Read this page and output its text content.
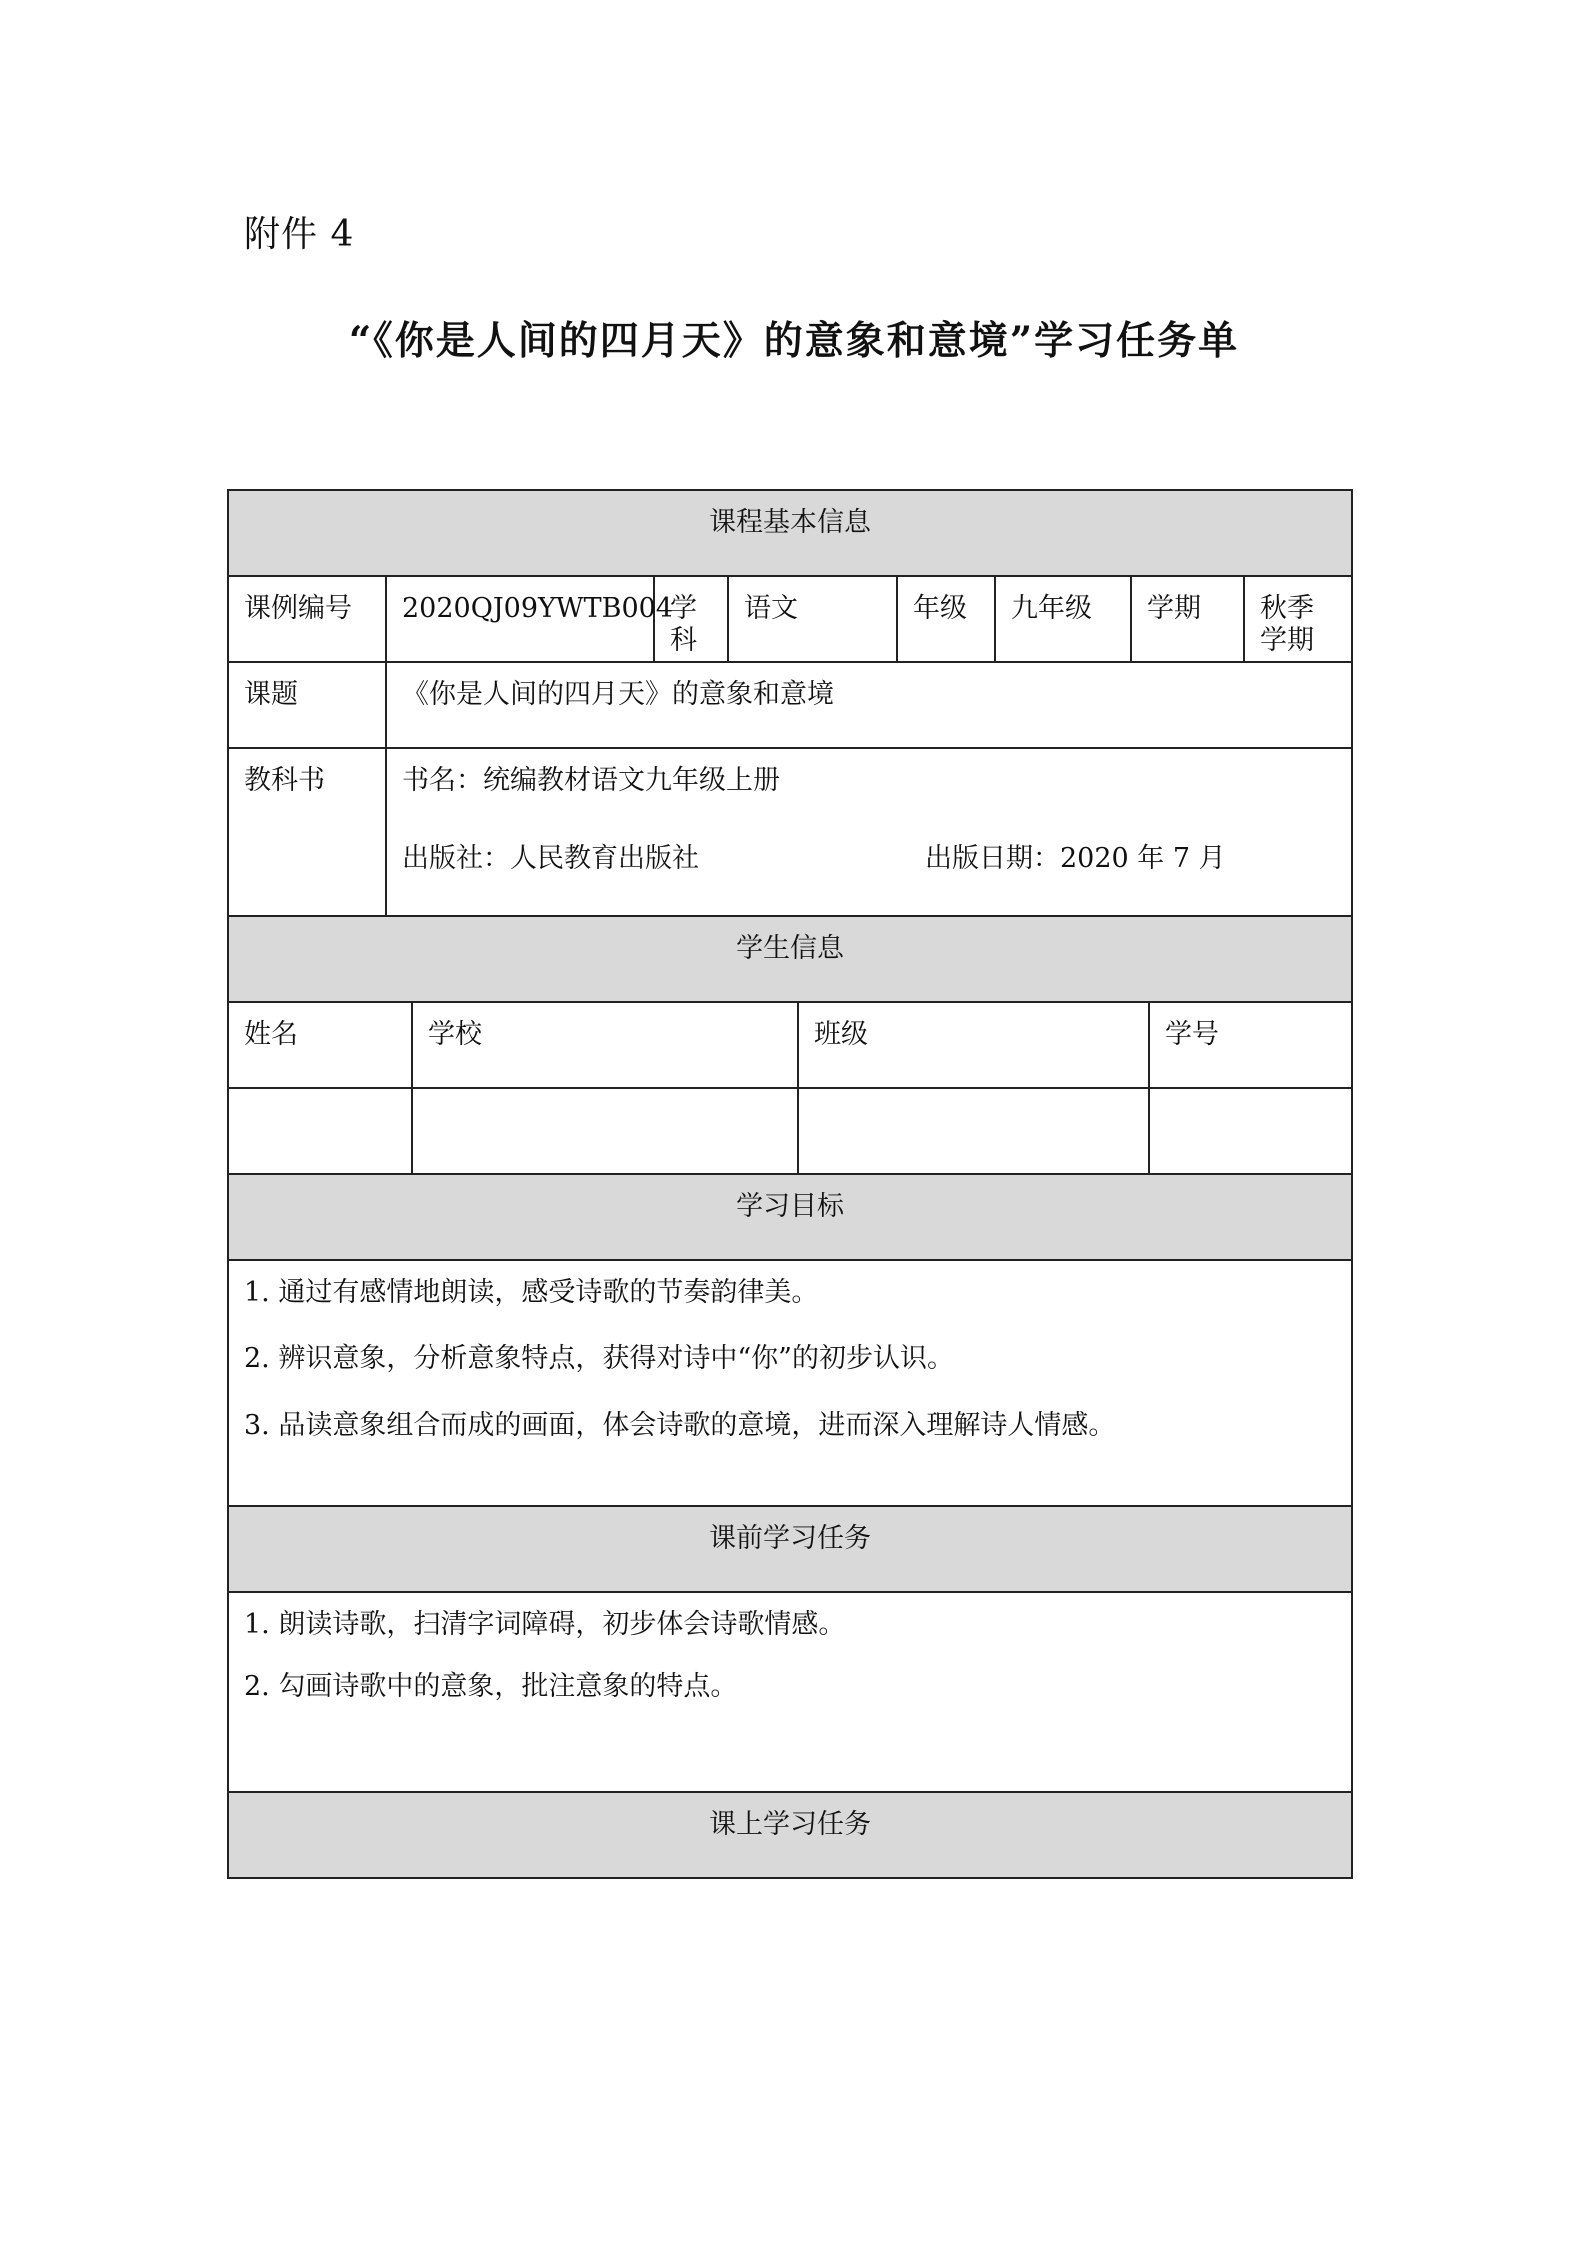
附件 4
“《你是人间的四月天》的意象和意境”学习任务单
课程基本信息										
课例编号	2020QJ09YWTB004		学科	语文		年级	九年级	学期		秋季学期
课题	《你是人间的四月天》的意象和意境									
教科书	书名：统编教材语文九年级上册
出版社：人民教育出版社 出版日期：2020 年 7 月									

学生信息										
姓名		学校			班级				学号	

学习目标										

1. 通过有感情地朗读，感受诗歌的节奏韵律美。
2. 辨识意象，分析意象特点，获得对诗中“你”的初步认识。
3. 品读意象组合而成的画面，体会诗歌的意境，进而深入理解诗人情感。										

课前学习任务										

1. 朗读诗歌，扫清字词障碍，初步体会诗歌情感。
2. 勾画诗歌中的意象，批注意象的特点。										

课上学习任务										
